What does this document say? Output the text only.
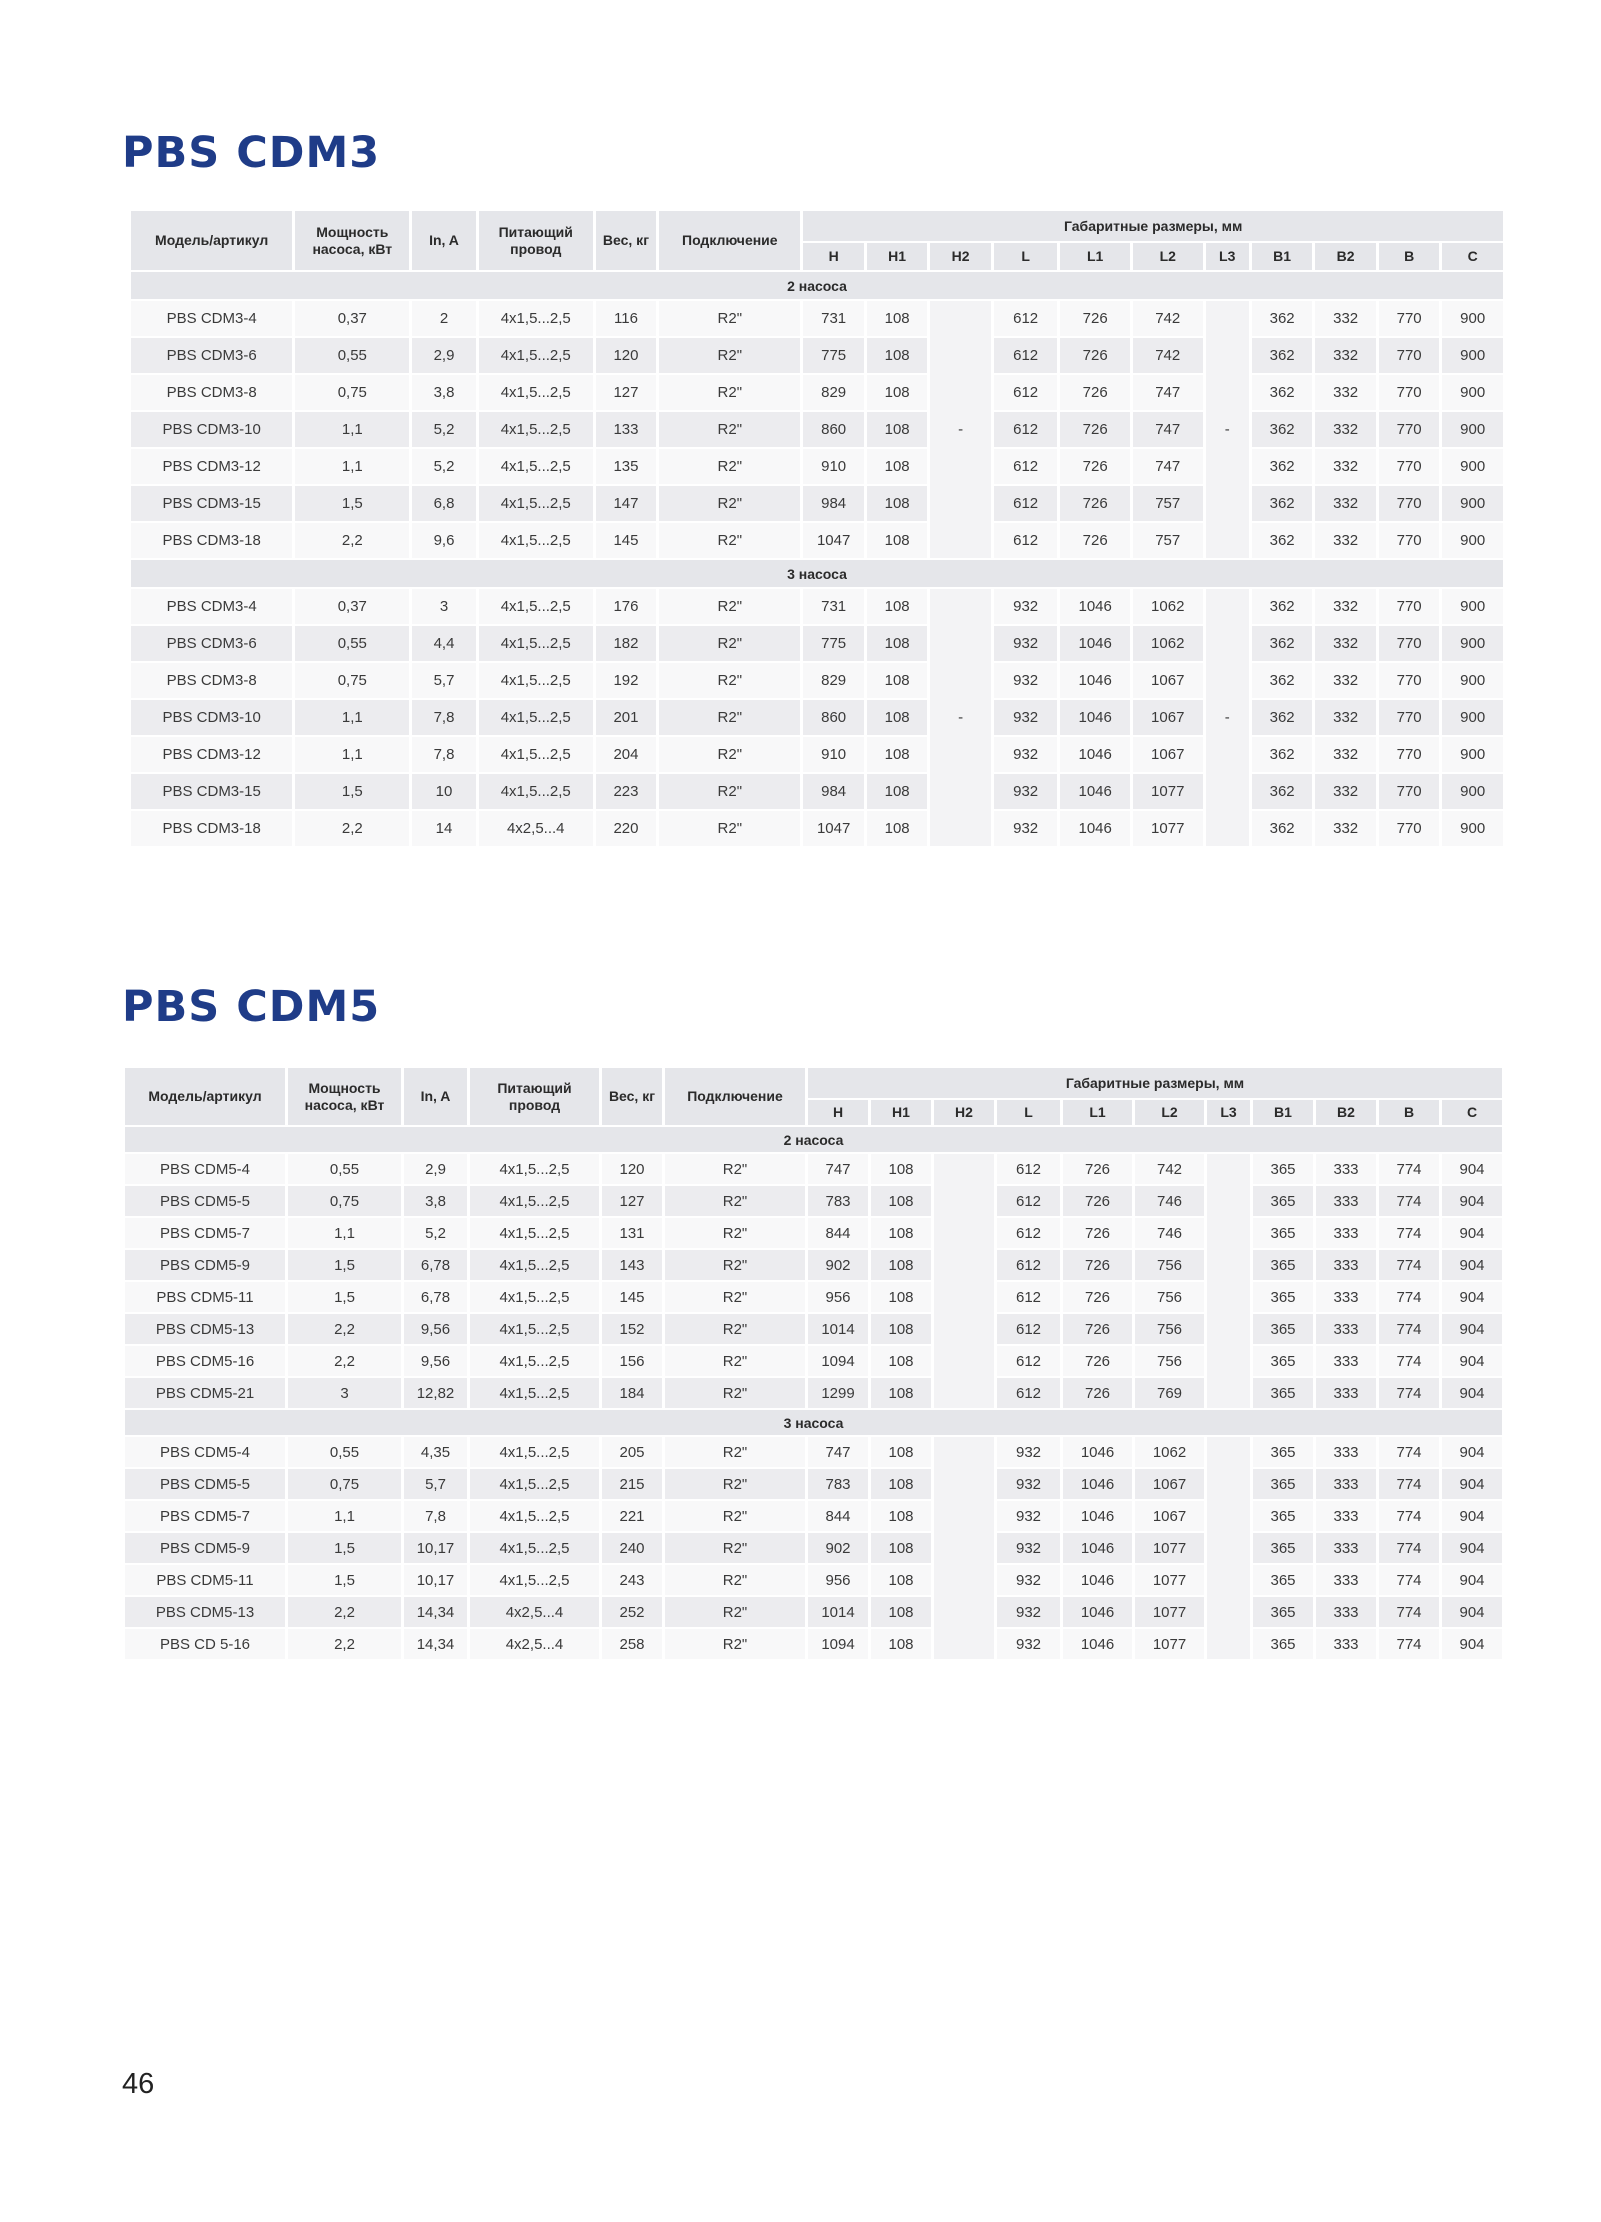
PBS CDM3
Модель/артикул	Мощность насоса, кВт	In, A	Питающий провод	Вес, кг	Подключение	Габаритные размеры, мм										
						H	H1	H2	L	L1	L2	L3	B1	B2	B	C
2 насоса																
PBS CDM3-4	0,37	2	4х1,5...2,5	116	R2"	731	108	-	612	726	742	-	362	332	770	900
PBS CDM3-6	0,55	2,9	4х1,5...2,5	120	R2"	775	108		612	726	742		362	332	770	900
PBS CDM3-8	0,75	3,8	4х1,5...2,5	127	R2"	829	108		612	726	747		362	332	770	900
PBS CDM3-10	1,1	5,2	4х1,5...2,5	133	R2"	860	108		612	726	747		362	332	770	900
PBS CDM3-12	1,1	5,2	4х1,5...2,5	135	R2"	910	108		612	726	747		362	332	770	900
PBS CDM3-15	1,5	6,8	4х1,5...2,5	147	R2"	984	108		612	726	757		362	332	770	900
PBS CDM3-18	2,2	9,6	4х1,5...2,5	145	R2"	1047	108		612	726	757		362	332	770	900
3 насоса																
PBS CDM3-4	0,37	3	4х1,5...2,5	176	R2"	731	108	-	932	1046	1062	-	362	332	770	900
PBS CDM3-6	0,55	4,4	4х1,5...2,5	182	R2"	775	108		932	1046	1062		362	332	770	900
PBS CDM3-8	0,75	5,7	4х1,5...2,5	192	R2"	829	108		932	1046	1067		362	332	770	900
PBS CDM3-10	1,1	7,8	4х1,5...2,5	201	R2"	860	108		932	1046	1067		362	332	770	900
PBS CDM3-12	1,1	7,8	4х1,5...2,5	204	R2"	910	108		932	1046	1067		362	332	770	900
PBS CDM3-15	1,5	10	4х1,5...2,5	223	R2"	984	108		932	1046	1077		362	332	770	900
PBS CDM3-18	2,2	14	4х2,5...4	220	R2"	1047	108		932	1046	1077		362	332	770	900
PBS CDM5
Модель/артикул	Мощность насоса, кВт	In, A	Питающий провод	Вес, кг	Подключение	Габаритные размеры, мм										
						H	H1	H2	L	L1	L2	L3	B1	B2	B	C
2 насоса																
PBS CDM5-4	0,55	2,9	4х1,5...2,5	120	R2"	747	108		612	726	742		365	333	774	904
PBS CDM5-5	0,75	3,8	4х1,5...2,5	127	R2"	783	108		612	726	746		365	333	774	904
PBS CDM5-7	1,1	5,2	4х1,5...2,5	131	R2"	844	108		612	726	746		365	333	774	904
PBS CDM5-9	1,5	6,78	4х1,5...2,5	143	R2"	902	108		612	726	756		365	333	774	904
PBS CDM5-11	1,5	6,78	4х1,5...2,5	145	R2"	956	108		612	726	756		365	333	774	904
PBS CDM5-13	2,2	9,56	4х1,5...2,5	152	R2"	1014	108		612	726	756		365	333	774	904
PBS CDM5-16	2,2	9,56	4х1,5...2,5	156	R2"	1094	108		612	726	756		365	333	774	904
PBS CDM5-21	3	12,82	4х1,5...2,5	184	R2"	1299	108		612	726	769		365	333	774	904
3 насоса																
PBS CDM5-4	0,55	4,35	4х1,5...2,5	205	R2"	747	108		932	1046	1062		365	333	774	904
PBS CDM5-5	0,75	5,7	4х1,5...2,5	215	R2"	783	108		932	1046	1067		365	333	774	904
PBS CDM5-7	1,1	7,8	4х1,5...2,5	221	R2"	844	108		932	1046	1067		365	333	774	904
PBS CDM5-9	1,5	10,17	4х1,5...2,5	240	R2"	902	108		932	1046	1077		365	333	774	904
PBS CDM5-11	1,5	10,17	4х1,5...2,5	243	R2"	956	108		932	1046	1077		365	333	774	904
PBS CDM5-13	2,2	14,34	4х2,5...4	252	R2"	1014	108		932	1046	1077		365	333	774	904
PBS CD 5-16	2,2	14,34	4х2,5...4	258	R2"	1094	108		932	1046	1077		365	333	774	904

46
